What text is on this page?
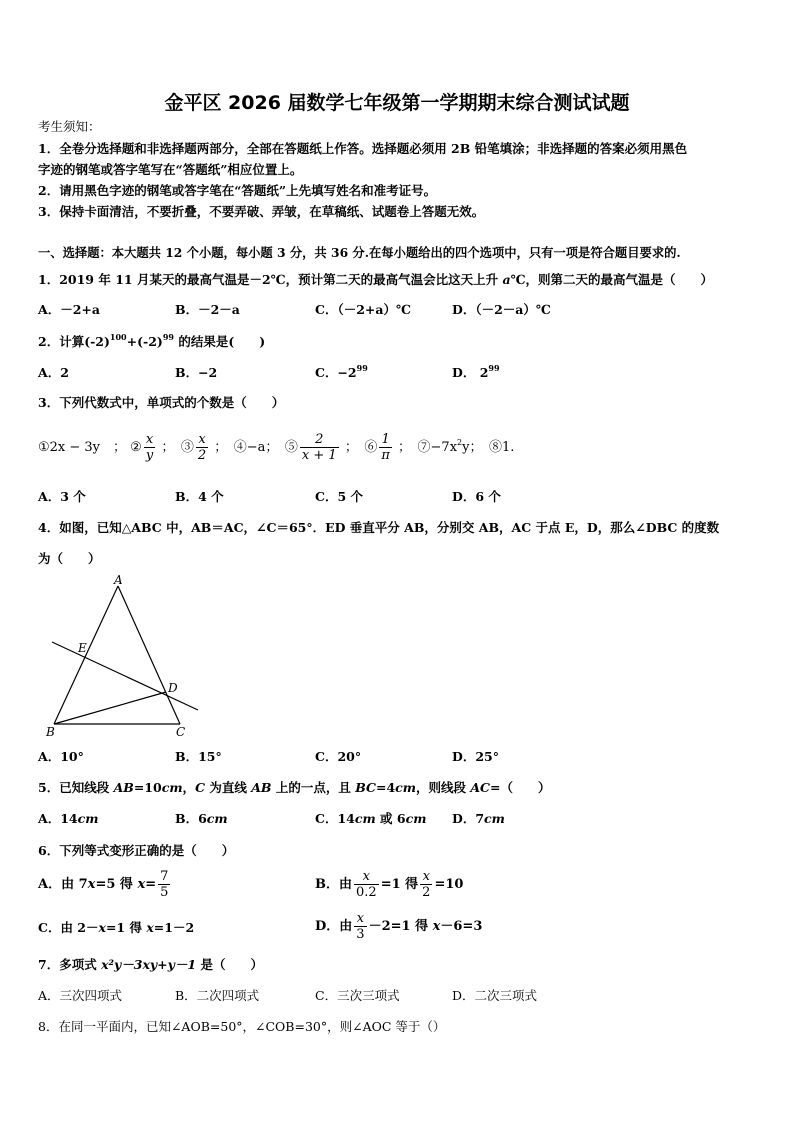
金平区 2026 届数学七年级第一学期期末综合测试试题
考生须知：
1．全卷分选择题和非选择题两部分，全部在答题纸上作答。选择题必须用 2B 铅笔填涂；非选择题的答案必须用黑色
字迹的钢笔或答字笔写在“答题纸”相应位置上。
2．请用黑色字迹的钢笔或答字笔在“答题纸”上先填写姓名和准考证号。
3．保持卡面清洁，不要折叠，不要弄破、弄皱，在草稿纸、试题卷上答题无效。
一、选择题：本大题共 12 个小题，每小题 3 分，共 36 分.在每小题给出的四个选项中，只有一项是符合题目要求的.
1．2019 年 11 月某天的最高气温是－2℃，预计第二天的最高气温会比这天上升 a℃，则第二天的最高气温是（　　）
A．－2+a	B．－2－a	C．（－2+a）℃	D．（－2－a）℃
2．计算$(-2)^{100}+(-2)^{99}$ 的结果是(　　)
A．2	B．−2	C．$-2^{99}$	D． $2^{99}$
3．下列代数式中，单项式的个数是（　　）
①2x − 3y　； ② $\frac{x}{y}$ ；　③ $\frac{x}{2}$ ；　④−a；　⑤ $\frac{2}{x + 1}$ ；　⑥ $\frac{1}{\pi}$ ；　$⑦-7x^2y$；　⑧1.
A．3 个	B．4 个	C．5 个	D．6 个
4．如图，已知△ABC 中，AB＝AC，∠C＝65°．ED 垂直平分 AB，分别交 AB，AC 于点 E，D，那么∠DBC 的度数
为（　　）
A
E
D
B	C
A．10°	B．15°	C．20°	D．25°
5．已知线段 AB=10cm，C 为直线 AB 上的一点，且 BC=4cm，则线段 AC=（　　）
A．14cm	B．6cm	C．14cm 或 6cm D．7cm
6．下列等式变形正确的是（　　）
A．由 7x=5 得 $x= \frac{7}{5}$	B．由 $\frac{x}{0.2} =1$ 得 $\frac{x}{2} =10$
C．由 2－x=1 得 x=1－2	D．由 $\frac{x}{3} -2=1$ 得 x－6=3
7．多项式 x²y－3xy+y－1 是（　　）
A．三次四项式	B．二次四项式	C．三次三项式	D．二次三项式
8．在同一平面内，已知∠AOB=50°，∠COB=30°，则∠AOC 等于（）
